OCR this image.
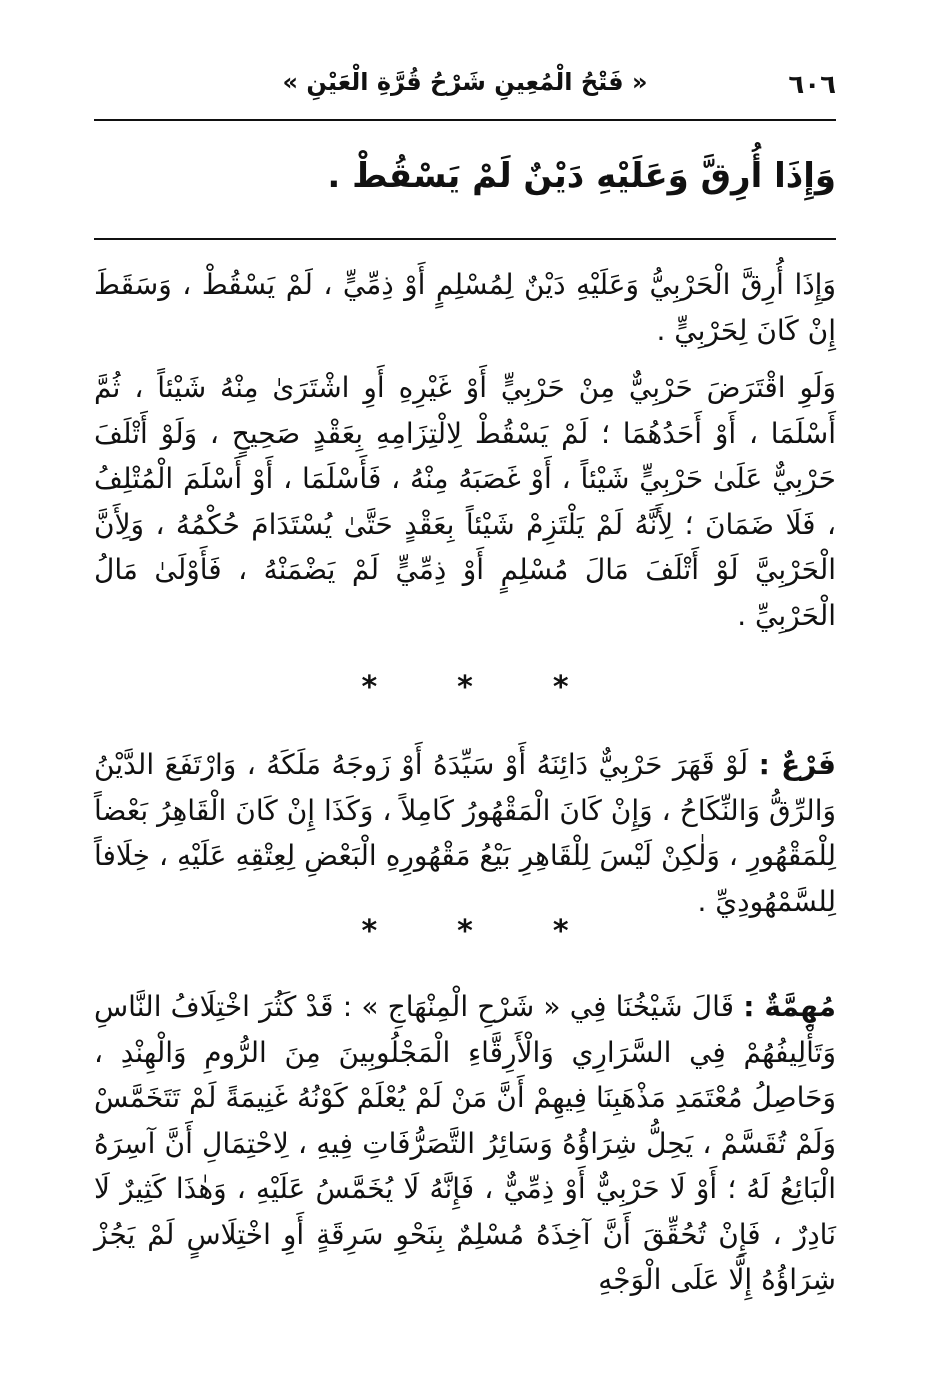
٦٠٦
« فَتْحُ الْمُعِينِ شَرْحُ قُرَّةِ الْعَيْنِ »
وَإِذَا أُرِقَّ وَعَلَيْهِ دَيْنٌ لَمْ يَسْقُطْ .

وَإِذَا أُرِقَّ الْحَرْبِيُّ وَعَلَيْهِ دَيْنٌ لِمُسْلِمٍ أَوْ ذِمِّيٍّ ، لَمْ يَسْقُطْ ، وَسَقَطَ إِنْ كَانَ لِحَرْبِيٍّ .

وَلَوِ اقْتَرَضَ حَرْبِيٌّ مِنْ حَرْبِيٍّ أَوْ غَيْرِهِ أَوِ اشْتَرَىٰ مِنْهُ شَيْئاً ، ثُمَّ أَسْلَمَا ، أَوْ أَحَدُهُمَا ؛ لَمْ يَسْقُطْ لِالْتِزَامِهِ بِعَقْدٍ صَحِيحٍ ، وَلَوْ أَتْلَفَ حَرْبِيٌّ عَلَىٰ حَرْبِيٍّ شَيْئاً ، أَوْ غَصَبَهُ مِنْهُ ، فَأَسْلَمَا ، أَوْ أَسْلَمَ الْمُتْلِفُ ، فَلَا ضَمَانَ ؛ لِأَنَّهُ لَمْ يَلْتَزِمْ شَيْئاً بِعَقْدٍ حَتَّىٰ يُسْتَدَامَ حُكْمُهُ ، وَلِأَنَّ الْحَرْبِيَّ لَوْ أَتْلَفَ مَالَ مُسْلِمٍ أَوْ ذِمِّيٍّ لَمْ يَضْمَنْهُ ، فَأَوْلَىٰ مَالُ الْحَرْبِيِّ .

*	*	*

فَرْعٌ : لَوْ قَهَرَ حَرْبِيٌّ دَائِنَهُ أَوْ سَيِّدَهُ أَوْ زَوجَهُ مَلَكَهُ ، وَارْتَفَعَ الدَّيْنُ وَالرِّقُّ وَالنِّكَاحُ ، وَإِنْ كَانَ الْمَقْهُورُ كَامِلاً ، وَكَذَا إِنْ كَانَ الْقَاهِرُ بَعْضاً لِلْمَقْهُورِ ، وَلٰكِنْ لَيْسَ لِلْقَاهِرِ بَيْعُ مَقْهُورِهِ الْبَعْضِ لِعِتْقِهِ عَلَيْهِ ، خِلَافاً لِلسَّمْهُودِيِّ .

*	*	*

مُهِمَّةٌ : قَالَ شَيْخُنَا فِي « شَرْحِ الْمِنْهَاجِ » : قَدْ كَثُرَ اخْتِلَافُ النَّاسِ وَتَأْلِيفُهُمْ فِي السَّرَارِي وَالْأَرِقَّاءِ الْمَجْلُوبِينَ مِنَ الرُّومِ وَالْهِنْدِ ، وَحَاصِلُ مُعْتَمَدِ مَذْهَبِنَا فِيهِمْ أَنَّ مَنْ لَمْ يُعْلَمْ كَوْنُهُ غَنِيمَةً لَمْ تَتَخَمَّسْ وَلَمْ تُقَسَّمْ ، يَحِلُّ شِرَاؤُهُ وَسَائِرُ التَّصَرُّفَاتِ فِيهِ ، لِاحْتِمَالِ أَنَّ آسِرَهُ الْبَائِعُ لَهُ ؛ أَوْ لَا حَرْبِيٌّ أَوْ ذِمِّيٌّ ، فَإِنَّهُ لَا يُخَمَّسُ عَلَيْهِ ، وَهٰذَا كَثِيرٌ لَا نَادِرٌ ، فَإِنْ تُحُقِّقَ أَنَّ آخِذَهُ مُسْلِمٌ بِنَحْوِ سَرِقَةٍ أَوِ اخْتِلَاسٍ لَمْ يَجُزْ شِرَاؤُهُ إِلَّا عَلَى الْوَجْهِ
